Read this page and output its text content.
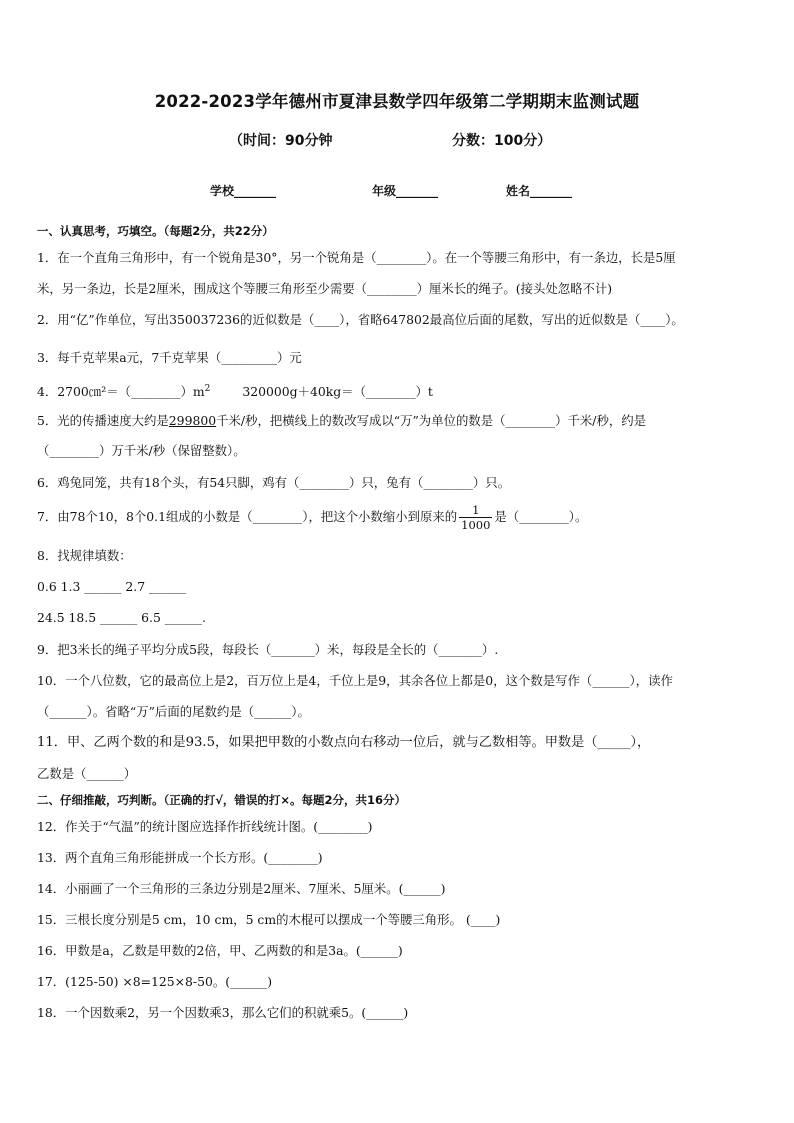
2022-2023学年德州市夏津县数学四年级第二学期期末监测试题
（时间：90分钟	分数：100分）
学校_______	年级_______	姓名_______
一、认真思考，巧填空。（每题2分，共22分）
1．在一个直角三角形中，有一个锐角是30°，另一个锐角是（________）。在一个等腰三角形中，有一条边，长是5厘
米，另一条边，长是2厘米，围成这个等腰三角形至少需要（________）厘米长的绳子。(接头处忽略不计)
2．用“亿”作单位，写出350037236的近似数是（____），省略647802最高位后面的尾数，写出的近似数是（____）。
3．每千克苹果a元，7千克苹果（_________）元
4．$2700㎝^2=(\_\_\_\_\_\_\_\_)m^2$	320000g＋40kg＝（________）t
5．光的传播速度大约是299800千米/秒，把横线上的数改写成以“万”为单位的数是（________）千米/秒，约是
（________）万千米/秒（保留整数）。
6．鸡兔同笼，共有18个头，有54只脚，鸡有（________）只，兔有（________）只。
7．由78个10，8个0.1组成的小数是（________），把这个小数缩小到原来的 $\frac{1}{1000}$ 是（________）。
8．找规律填数：
0.6 1.3 ______ 2.7 ______
24.5 18.5 ______ 6.5 ______.
9．把3米长的绳子平均分成5段，每段长（_______）米，每段是全长的（_______）.
10．一个八位数，它的最高位上是2，百万位上是4，千位上是9，其余各位上都是0，这个数是写作（______），读作
（______）。省略“万”后面的尾数约是（______）。
11．甲、乙两个数的和是93.5，如果把甲数的小数点向右移动一位后，就与乙数相等。甲数是（_____），
乙数是（______）
二、仔细推敲，巧判断。（正确的打√，错误的打×。每题2分，共16分）
12．作关于“气温”的统计图应选择作折线统计图。(________)
13．两个直角三角形能拼成一个长方形。(________)
14．小丽画了一个三角形的三条边分别是2厘米、7厘米、5厘米。(______)
15．三根长度分别是5 cm，10 cm，5 cm的木棍可以摆成一个等腰三角形。 (____)
16．甲数是a，乙数是甲数的2倍，甲、乙两数的和是3a。(______)
17．(125-50) ×8=125×8-50。(______)
18．一个因数乘2，另一个因数乘3，那么它们的积就乘5。(______)
